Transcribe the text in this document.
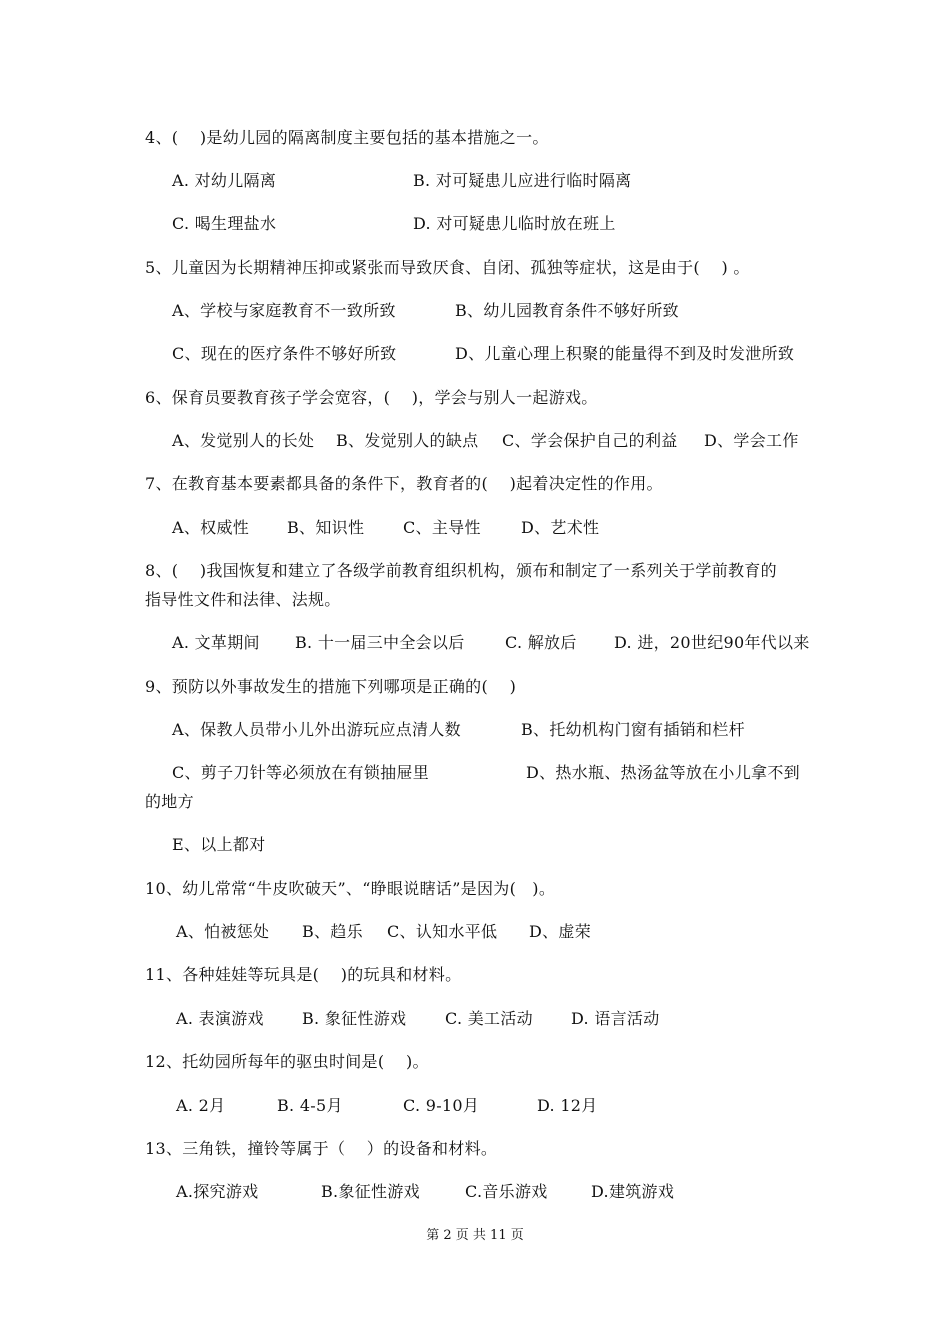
4、(    )是幼儿园的隔离制度主要包括的基本措施之一。
A. 对幼儿隔离	B. 对可疑患儿应进行临时隔离
C. 喝生理盐水	D. 对可疑患儿临时放在班上
5、儿童因为长期精神压抑或紧张而导致厌食、自闭、孤独等症状，这是由于(    ) 。
A、学校与家庭教育不一致所致	B、幼儿园教育条件不够好所致
C、现在的医疗条件不够好所致	D、儿童心理上积聚的能量得不到及时发泄所致
6、保育员要教育孩子学会宽容，(    )，学会与别人一起游戏。
A、发觉别人的长处 B、发觉别人的缺点 C、学会保护自己的利益 D、学会工作
7、在教育基本要素都具备的条件下，教育者的(    )起着决定性的作用。
A、权威性 B、知识性 C、主导性	D、艺术性
8、(    )我国恢复和建立了各级学前教育组织机构，颁布和制定了一系列关于学前教育的
指导性文件和法律、法规。
A. 文革期间 B. 十一届三中全会以后	C. 解放后 D. 进，20世纪90年代以来
9、预防以外事故发生的措施下列哪项是正确的(    )
A、保教人员带小儿外出游玩应点清人数	B、托幼机构门窗有插销和栏杆
C、剪子刀针等必须放在有锁抽屉里	D、热水瓶、热汤盆等放在小儿拿不到
的地方
E、以上都对
10、幼儿常常“牛皮吹破天”、“睁眼说瞎话”是因为(   )。
A、怕被惩处 B、趋乐 C、认知水平低 D、虚荣
11、各种娃娃等玩具是(    )的玩具和材料。
A. 表演游戏 B. 象征性游戏 C. 美工活动 D. 语言活动
12、托幼园所每年的驱虫时间是(    )。
A. 2月	B. 4-5月	C. 9-10月	D. 12月
13、三角铁，撞铃等属于（    ）的设备和材料。
A.探究游戏	B.象征性游戏	C.音乐游戏	D.建筑游戏
第 2 页 共 11 页
